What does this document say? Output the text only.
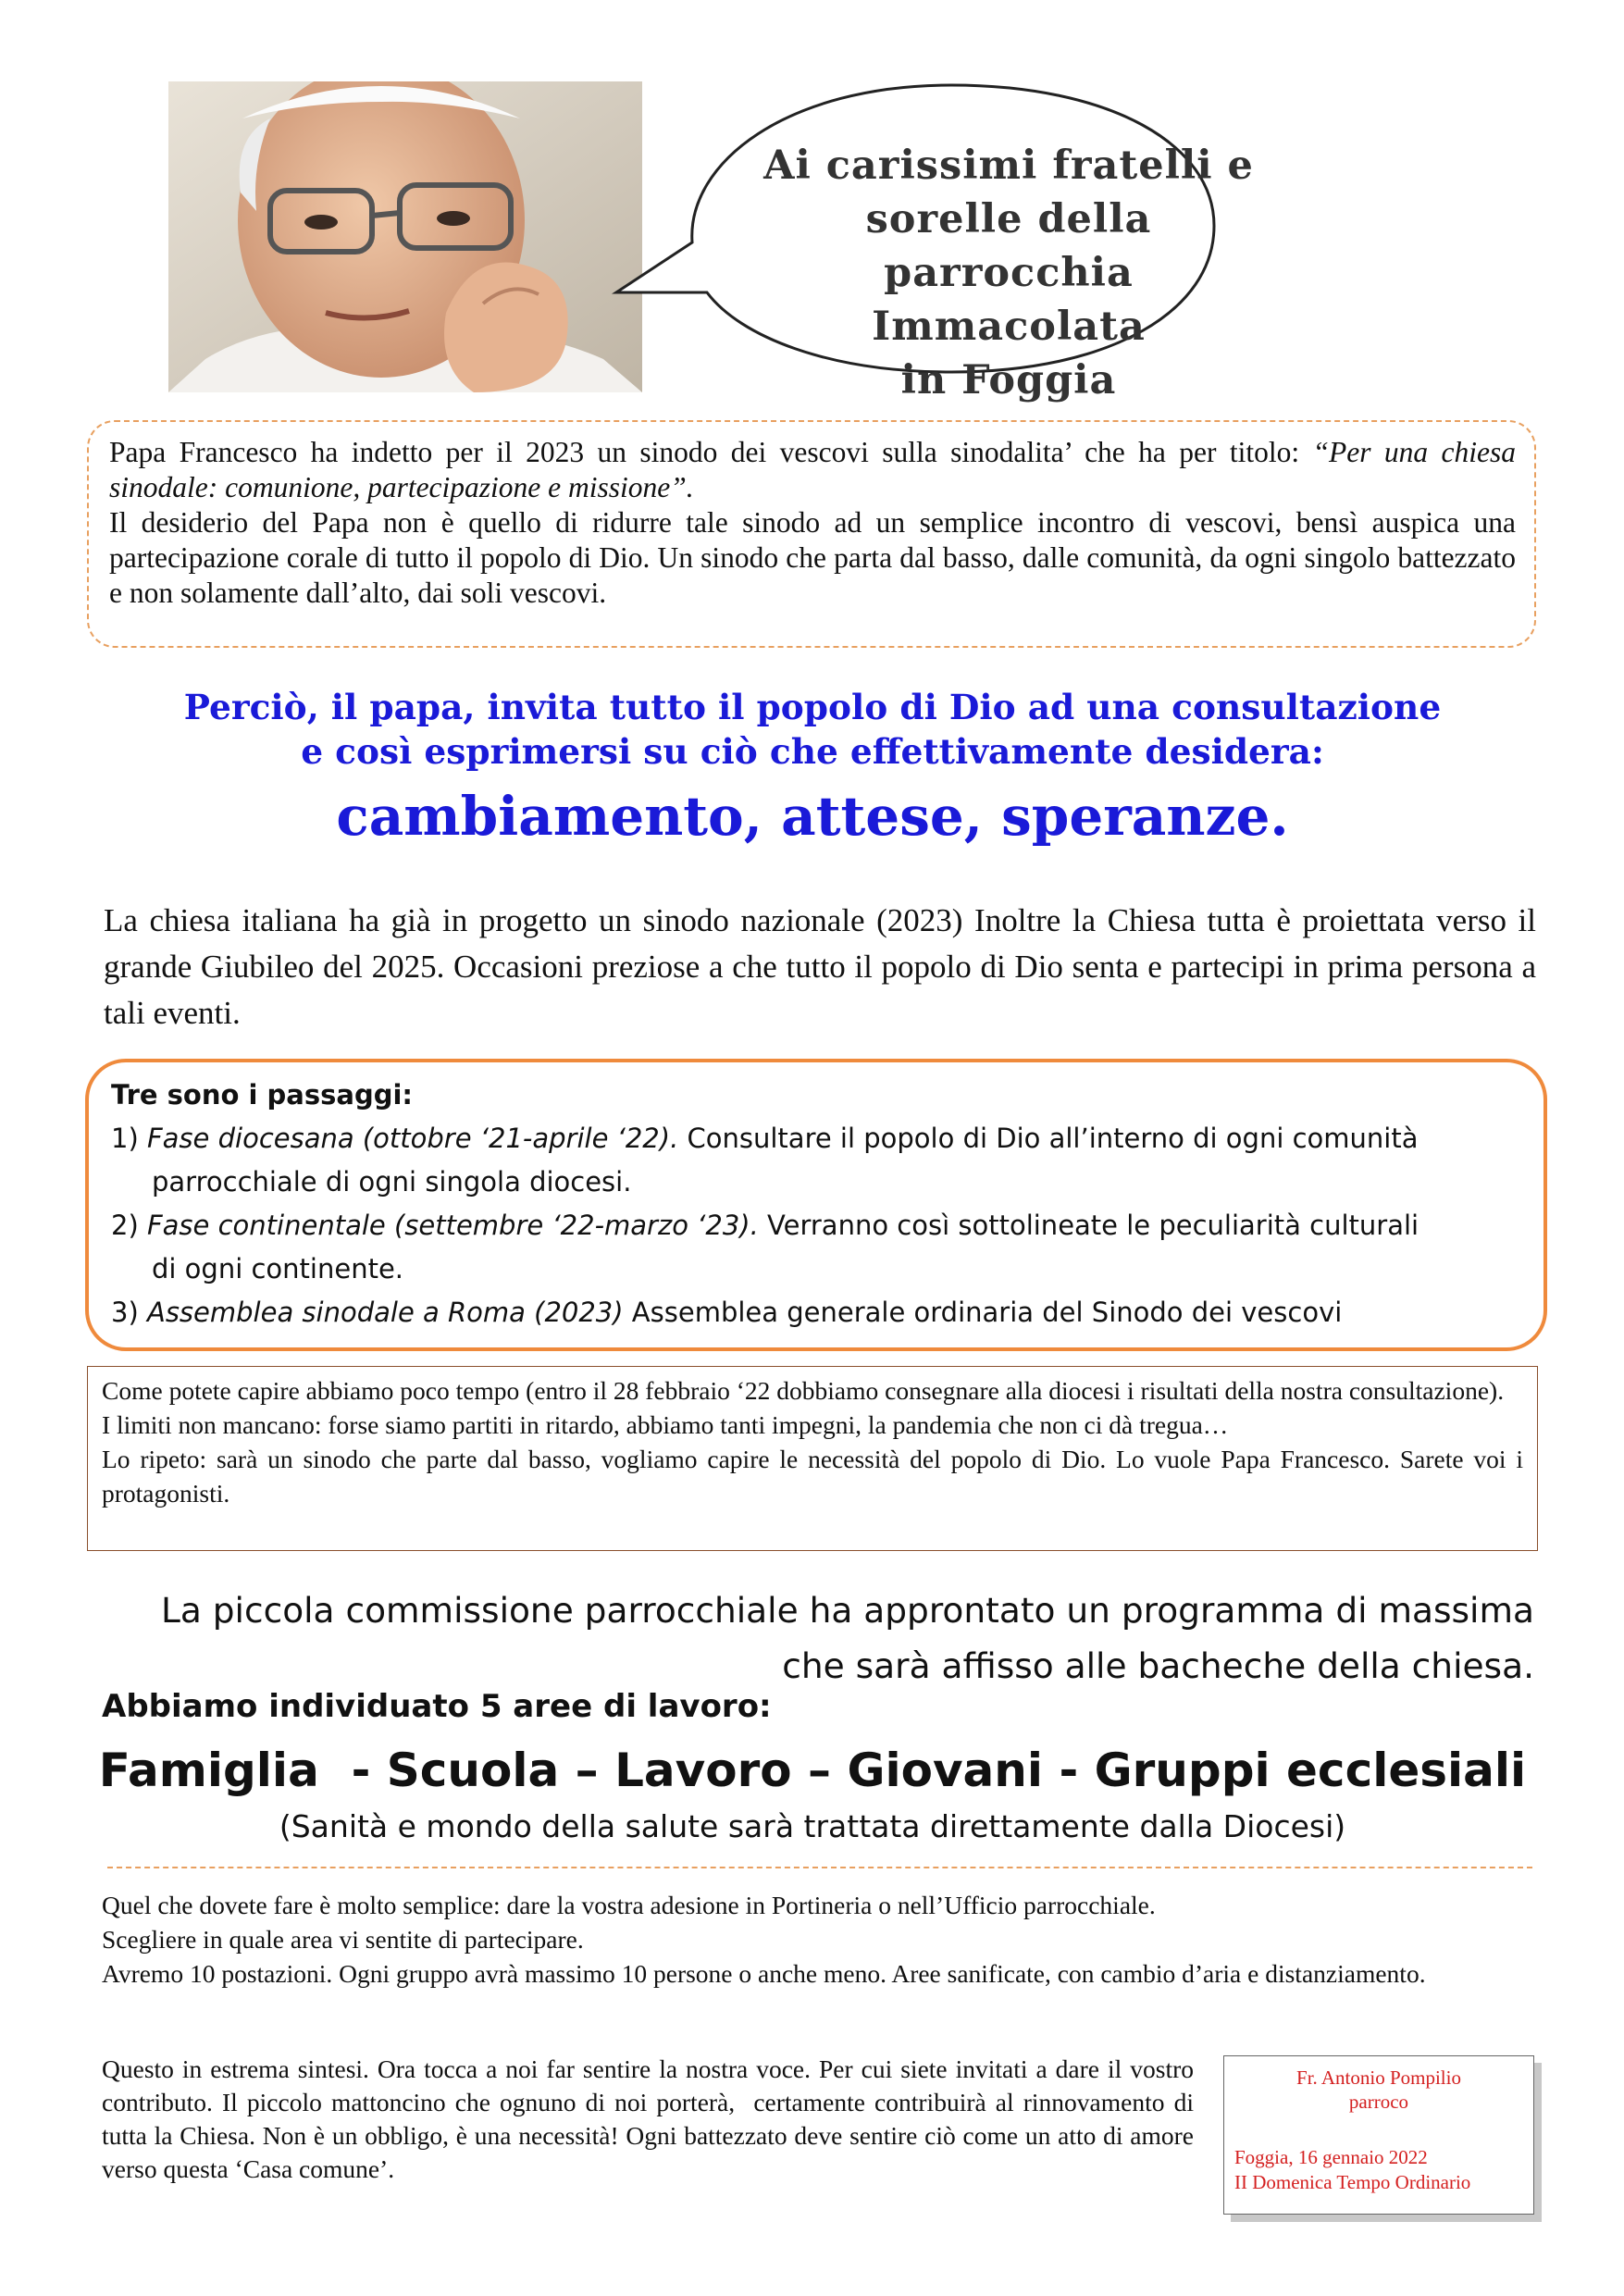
Ai carissimi fratelli e
sorelle della
parrocchia Immacolata
in Foggia
Papa Francesco ha indetto per il 2023 un sinodo dei vescovi sulla sinodalita’ che ha per titolo: “Per una chiesa sinodale: comunione, partecipazione e missione”.
Il desiderio del Papa non è quello di ridurre tale sinodo ad un semplice incontro di vescovi, bensì auspica una partecipazione corale di tutto il popolo di Dio. Un sinodo che parta dal basso, dalle comunità, da ogni singolo battezzato e non solamente dall’alto, dai soli vescovi.
Perciò, il papa, invita tutto il popolo di Dio ad una consultazione
e così esprimersi su ciò che effettivamente desidera:
cambiamento, attese, speranze.
La chiesa italiana ha già in progetto un sinodo nazionale (2023) Inoltre la Chiesa tutta è proiettata verso il grande Giubileo del 2025. Occasioni preziose a che tutto il popolo di Dio senta e partecipi in prima persona a tali eventi.
Tre sono i passaggi:
1) Fase diocesana (ottobre ‘21-aprile ‘22). Consultare il popolo di Dio all’interno di ogni comunità
parrocchiale di ogni singola diocesi.
2) Fase continentale (settembre ‘22-marzo ‘23). Verranno così sottolineate le peculiarità culturali
di ogni continente.
3) Assemblea sinodale a Roma (2023) Assemblea generale ordinaria del Sinodo dei vescovi
Come potete capire abbiamo poco tempo (entro il 28 febbraio ‘22 dobbiamo consegnare alla diocesi i risultati della nostra consultazione).
I limiti non mancano: forse siamo partiti in ritardo, abbiamo tanti impegni, la pandemia che non ci dà tregua…
Lo ripeto: sarà un sinodo che parte dal basso, vogliamo capire le necessità del popolo di Dio. Lo vuole Papa Francesco. Sarete voi i protagonisti.
La piccola commissione parrocchiale ha approntato un programma di massima
che sarà affisso alle bacheche della chiesa.
Abbiamo individuato 5 aree di lavoro:
Famiglia  - Scuola – Lavoro – Giovani - Gruppi ecclesiali
(Sanità e mondo della salute sarà trattata direttamente dalla Diocesi)
Quel che dovete fare è molto semplice: dare la vostra adesione in Portineria o nell’Ufficio parrocchiale.
Scegliere in quale area vi sentite di partecipare.
Avremo 10 postazioni. Ogni gruppo avrà massimo 10 persone o anche meno. Aree sanificate, con cambio d’aria e distanziamento.
Questo in estrema sintesi. Ora tocca a noi far sentire la nostra voce. Per cui siete invitati a dare il vostro contributo. Il piccolo mattoncino che ognuno di noi porterà,  certamente contribuirà al rinnovamento di tutta la Chiesa. Non è un obbligo, è una necessità! Ogni battezzato deve sentire ciò come un atto di amore verso questa ‘Casa comune’.
Fr. Antonio Pompilio
parroco
Foggia, 16 gennaio 2022
II Domenica Tempo Ordinario
